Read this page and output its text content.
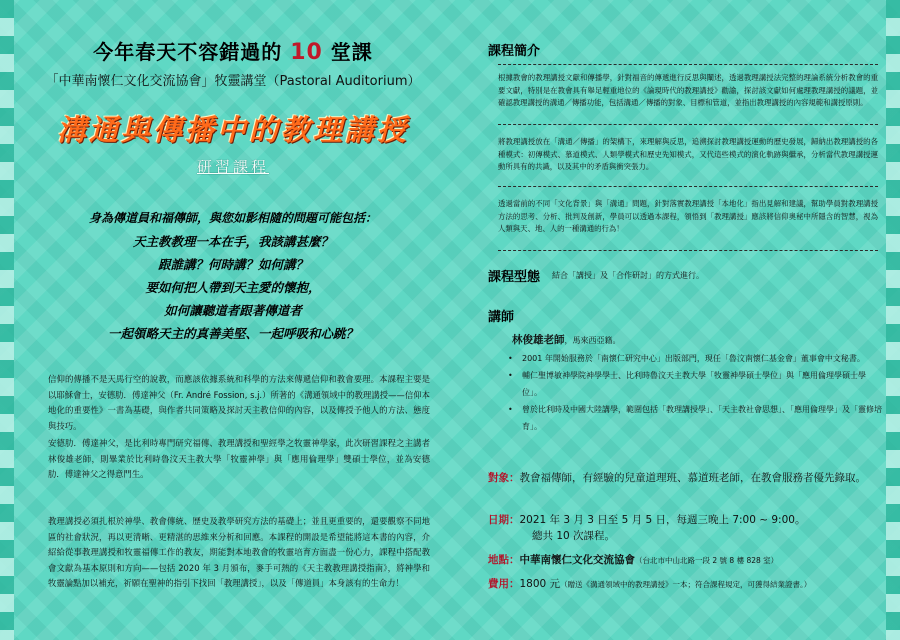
今年春天不容錯過的 10 堂課
「中華南懷仁文化交流協會」牧靈講堂（Pastoral Auditorium）
溝通與傳播中的教理講授
研習課程
身為傳道員和福傳師，與您如影相隨的問題可能包括：
天主教教理一本在手，我該講甚麼？
跟誰講？何時講？如何講？
要如何把人帶到天主愛的懷抱，
如何讓聽道者跟著傳道者
一起領略天主的真善美堅、一起呼吸和心跳？
信仰的傳播不是天馬行空的說教，而應該依據系統和科學的方法來傳遞信仰和教會要理。本課程主要是以耶穌會士，安德肋．傅達神父（Fr. André Fossion, s.j.）所著的《溝通領域中的教理講授——信仰本地化的重要性》一書為基礎，與作者共同策略及探討天主教信仰的內容，以及傳授予他人的方法、態度與技巧。
安德肋．傅達神父，是比利時專門研究福傳、教理講授和聖經學之牧靈神學家，此次研習課程之主講者林俊雄老師，則畢業於比利時魯汶天主教大學「牧靈神學」與「應用倫理學」雙碩士學位，並為安德肋．傅達神父之得意門生。
教理講授必須扎根於神學、教會傳統、歷史及教學研究方法的基礎上；並且更重要的，還要觀察不同地區的社會狀況，再以更清晰、更精湛的思維來分析和回應。本課程的開設是希望能將這本書的內容，介紹給從事教理講授和牧靈福傳工作的教友，期能對本地教會的牧靈培育方面盡一份心力，課程中搭配教會文獻為基本原則和方向——包括 2020 年 3 月頒布，麥手可熱的《天主教教理講授指南》，將神學和牧靈論點加以補充，祈願在聖神的指引下找回「教理講授」，以及「傳道員」本身該有的生命力！
課程簡介
根據教會的教理講授文獻和傳播學，針對福音的傳遞進行反思與闡述，透過教理講授法完整的理論系統分析教會的重要文獻，特別是在教會具有舉足輕重地位的《論現時代的教理講授》勸諭，探討該文獻如何處理教理講授的議題，並確認教理講授的溝通／傳播功能，包括溝通／傳播的對象、目標和管道，並指出教理講授的內容規範和講授原則。
將教理講授放在「溝通／傳播」的架構下，來理解與反思，追溯探討教理講授運動的歷史發展，歸納出教理講授的各種模式：初傳模式、慕道模式、人類學模式和歷史先知模式，又代這些模式的演化軌跡與繼承，分析當代教理講授運動所具有的共識，以及其中的矛盾與衝突張力。
透過當前的不同「文化背景」與「溝通」問題，針對落實教理講授「本地化」指出見解和建議，幫助學員對教理講授方法的思考、分析、批判及創新，學員可以透過本課程，領悟到「教理講授」應該將信仰奧秘中所隱含的智慧，視為人類與天、地、人的一種溝通的行為！
課程型態 結合「講授」及「合作研討」的方式進行。
講師
林俊雄老師，馬來西亞籍。
• 2001 年開始服務於「南懷仁研究中心」出版部門，現任「魯汶南懷仁基金會」董事會中文秘書。
• 輔仁聖博敏神學院神學學士、比利時魯汶天主教大學「牧靈神學碩士學位」與「應用倫理學碩士學位」。
• 曾於比利時及中國大陸講學，範圍包括「教理講授學」、「天主教社會思想」、「應用倫理學」及「靈修培育」。
對象：教會福傳師，有經驗的兒童道理班、慕道班老師，在教會服務者優先錄取。
日期：2021 年 3 月 3 日至 5 月 5 日，每週三晚上 7:00 ~ 9:00。
總共 10 次課程。
地點：中華南懷仁文化交流協會（台北市中山北路一段 2 號 8 樓 828 室）
費用：1800 元（贈送《溝通領域中的教理講授》一本；符合課程規定，可獲得結業證書。）
